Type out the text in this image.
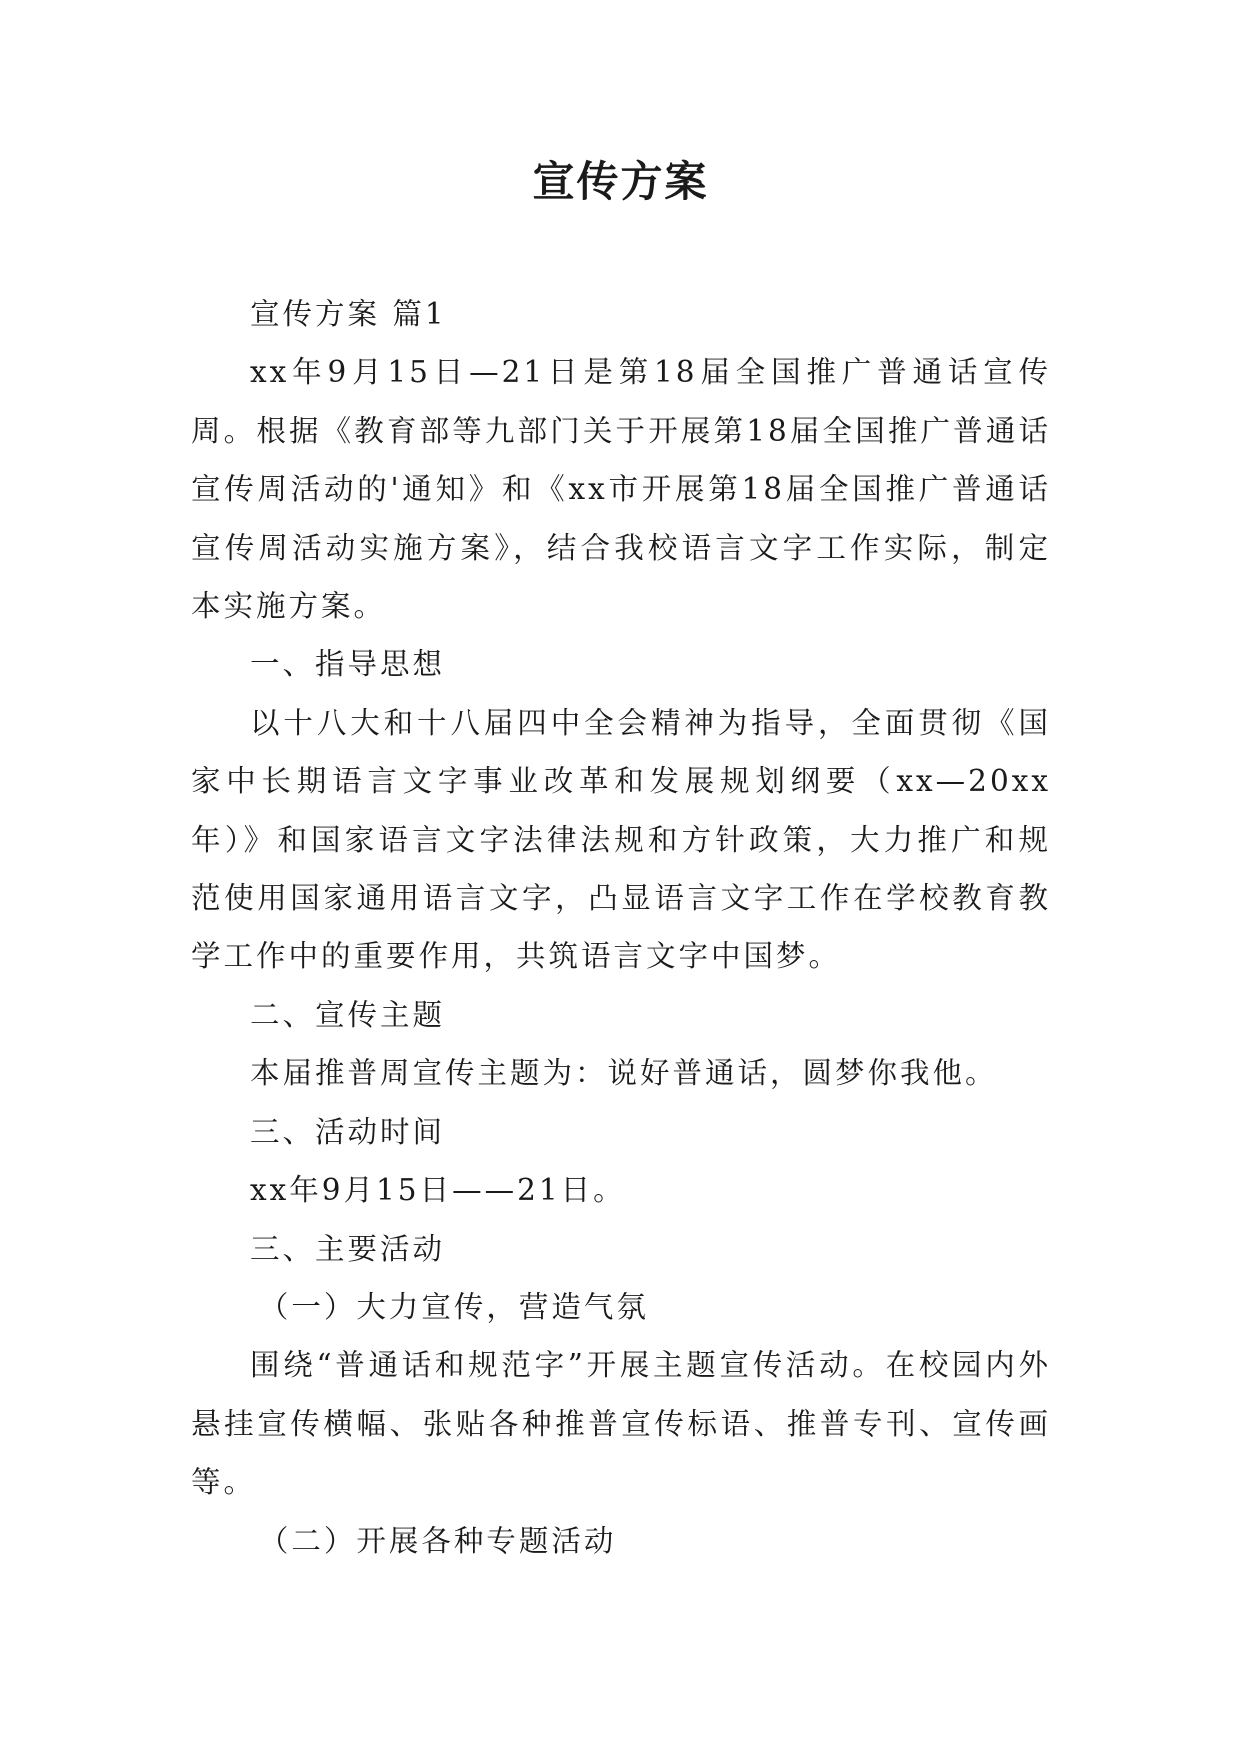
宣传方案

宣传方案 篇1

xx年9月15日—21日是第18届全国推广普通话宣传周。根据《教育部等九部门关于开展第18届全国推广普通话宣传周活动的'通知》和《xx市开展第18届全国推广普通话宣传周活动实施方案》，结合我校语言文字工作实际，制定本实施方案。

一、指导思想

以十八大和十八届四中全会精神为指导，全面贯彻《国家中长期语言文字事业改革和发展规划纲要（xx—20xx年）》和国家语言文字法律法规和方针政策，大力推广和规范使用国家通用语言文字，凸显语言文字工作在学校教育教学工作中的重要作用，共筑语言文字中国梦。

二、宣传主题

本届推普周宣传主题为：说好普通话，圆梦你我他。

三、活动时间

xx年9月15日——21日。

三、主要活动

（一）大力宣传，营造气氛

围绕“普通话和规范字”开展主题宣传活动。在校园内外悬挂宣传横幅、张贴各种推普宣传标语、推普专刊、宣传画等。

（二）开展各种专题活动
